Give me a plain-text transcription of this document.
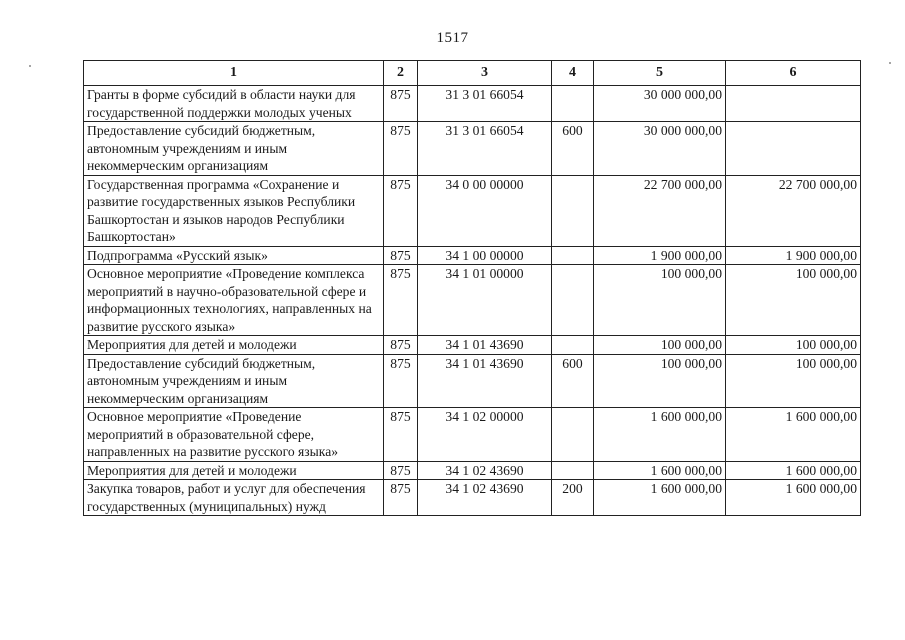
1517
1	2	3	4	5	6
Гранты в форме субсидий в области науки для государственной поддержки молодых ученых	875	31 3 01 66054		30 000 000,00	
Предоставление субсидий бюджетным, автономным учреждениям и иным некоммерческим организациям	875	31 3 01 66054	600	30 000 000,00	
Государственная программа «Сохранение и развитие государственных языков Республики Башкортостан и языков народов Республики Башкортостан»	875	34 0 00 00000		22 700 000,00	22 700 000,00
Подпрограмма «Русский язык»	875	34 1 00 00000		1 900 000,00	1 900 000,00
Основное мероприятие «Проведение комплекса мероприятий в научно-образовательной сфере и информационных технологиях, направленных на развитие русского языка»	875	34 1 01 00000		100 000,00	100 000,00
Мероприятия для детей и молодежи	875	34 1 01 43690		100 000,00	100 000,00
Предоставление субсидий бюджетным, автономным учреждениям и иным некоммерческим организациям	875	34 1 01 43690	600	100 000,00	100 000,00
Основное мероприятие «Проведение мероприятий в образовательной сфере, направленных на развитие русского языка»	875	34 1 02 00000		1 600 000,00	1 600 000,00
Мероприятия для детей и молодежи	875	34 1 02 43690		1 600 000,00	1 600 000,00
Закупка товаров, работ и услуг для обеспечения государственных (муниципальных) нужд	875	34 1 02 43690	200	1 600 000,00	1 600 000,00
